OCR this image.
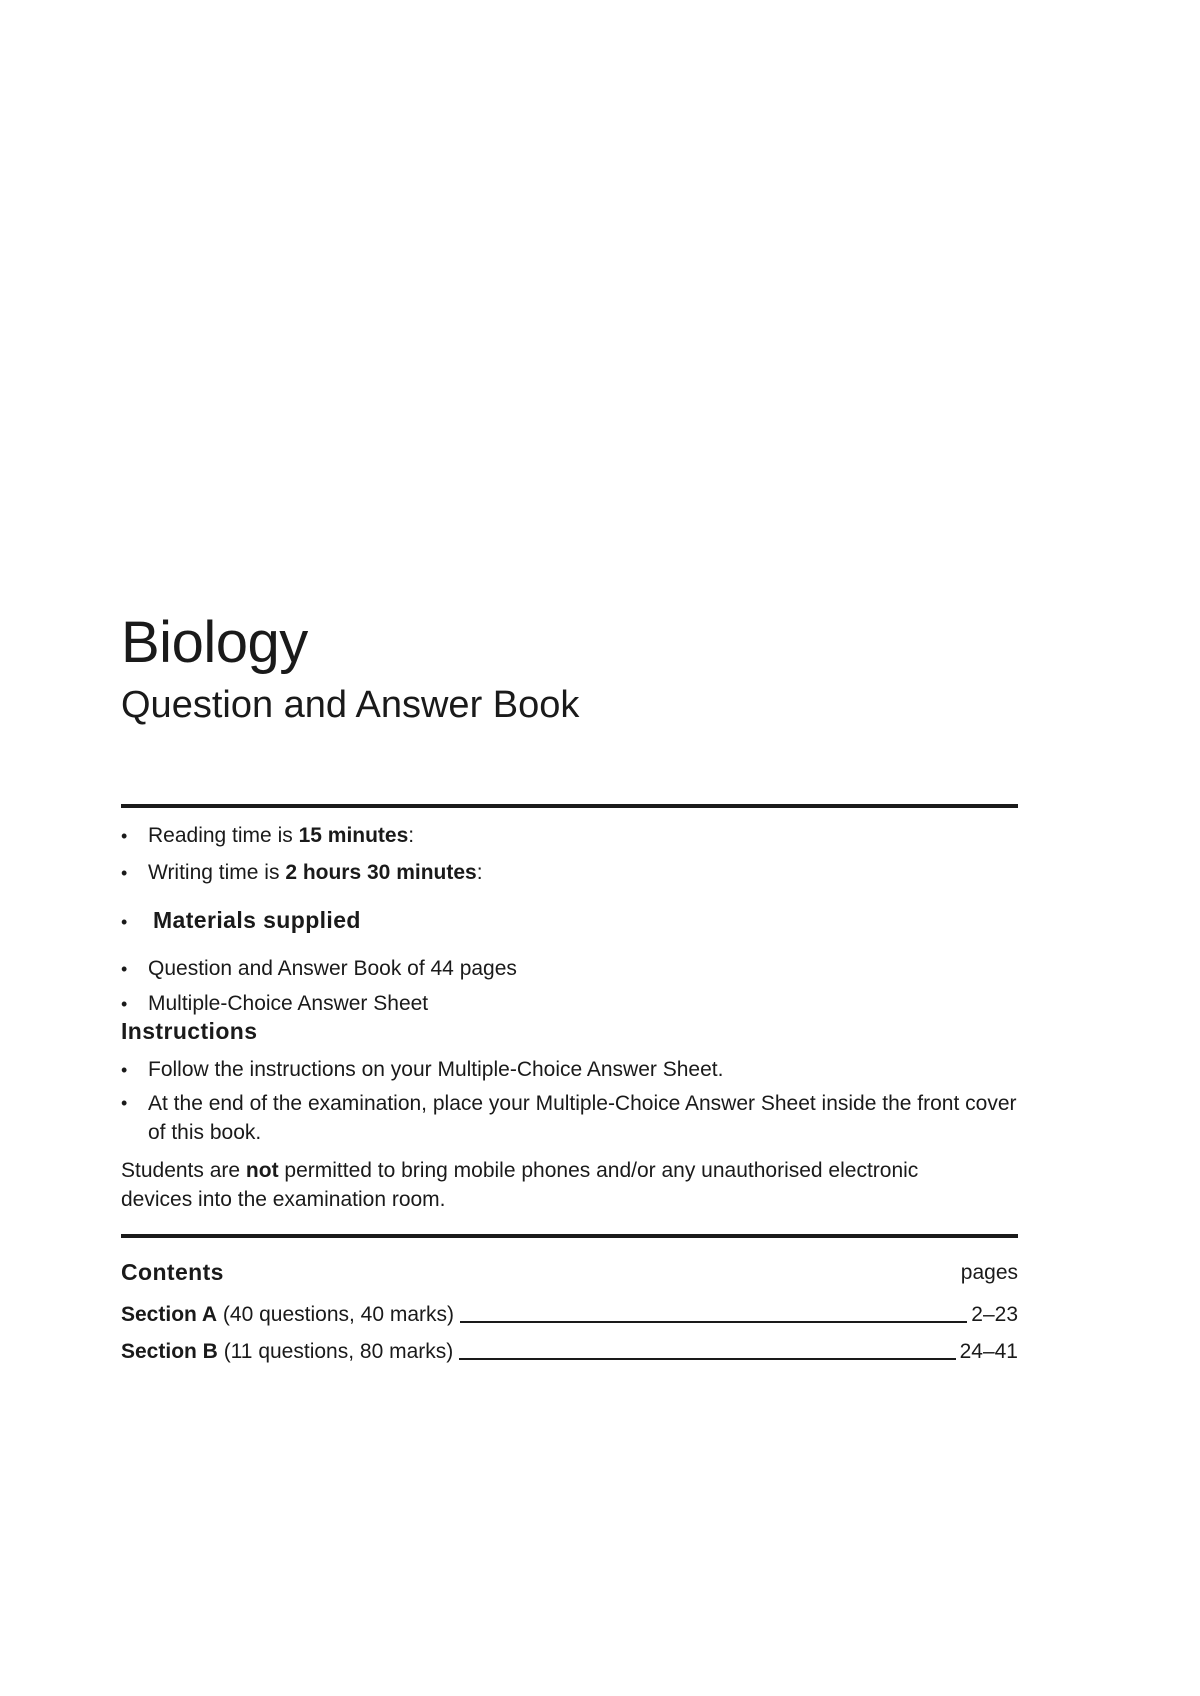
Biology
Question and Answer Book
• Reading time is 15 minutes:
• Writing time is 2 hours 30 minutes:
• Materials supplied
• Question and Answer Book of 44 pages
• Multiple-Choice Answer Sheet
Instructions
• Follow the instructions on your Multiple-Choice Answer Sheet.
• At the end of the examination, place your Multiple-Choice Answer Sheet inside the front cover of this book.
Students are not permitted to bring mobile phones and/or any unauthorised electronic devices into the examination room.
Contents	pages
Section A (40 questions, 40 marks)	2–23
Section B (11 questions, 80 marks)	24–41
